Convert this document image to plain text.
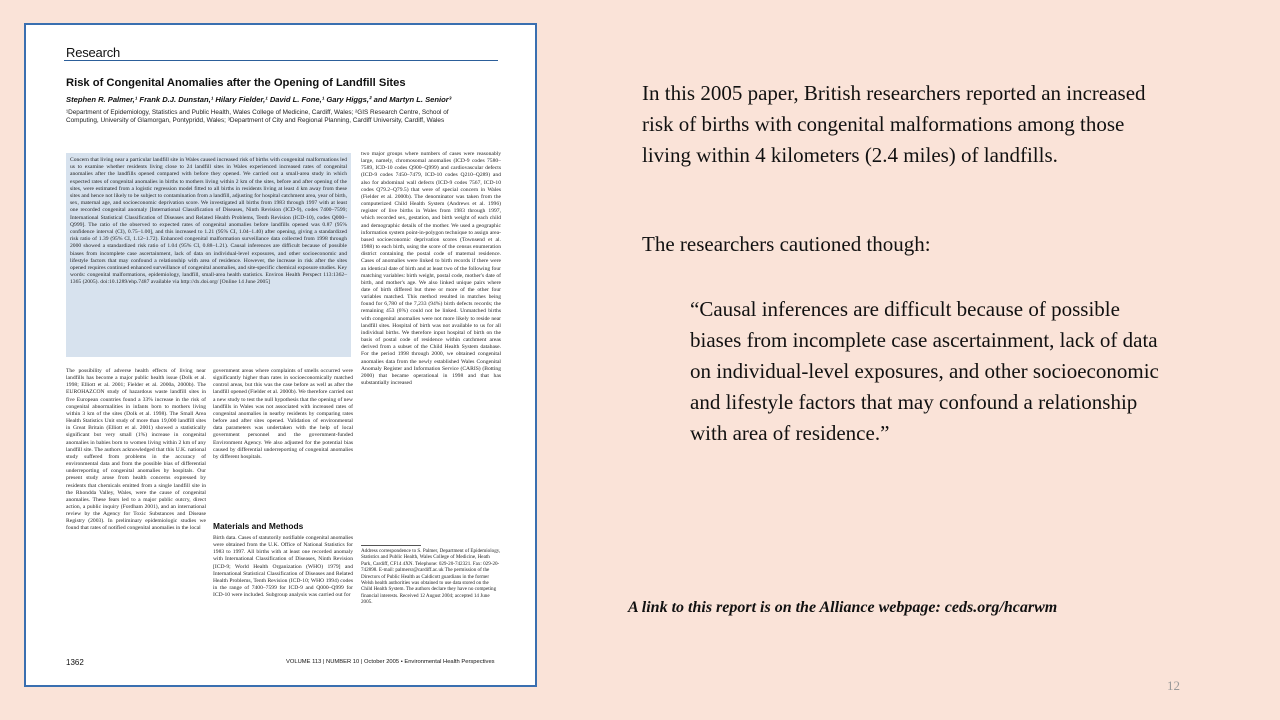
Research
Risk of Congenital Anomalies after the Opening of Landfill Sites
Stephen R. Palmer,¹ Frank D.J. Dunstan,¹ Hilary Fielder,¹ David L. Fone,¹ Gary Higgs,² and Martyn L. Senior³
¹Department of Epidemiology, Statistics and Public Health, Wales College of Medicine, Cardiff, Wales; ²GIS Research Centre, School of Computing, University of Glamorgan, Pontypridd, Wales; ³Department of City and Regional Planning, Cardiff University, Cardiff, Wales
Concern that living near a particular landfill site in Wales caused increased risk of births with congenital malformations led us to examine whether residents living close to 24 landfill sites in Wales experienced increased rates of congenital anomalies after the landfills opened compared with before they opened. We carried out a small-area study in which expected rates of congenital anomalies in births to mothers living within 2 km of the sites, before and after opening of the sites, were estimated from a logistic regression model fitted to all births in residents living at least 4 km away from these sites and hence not likely to be subject to contamination from a landfill, adjusting for hospital catchment area, year of birth, sex, maternal age, and socioeconomic deprivation score. We investigated all births from 1983 through 1997 with at least one recorded congenital anomaly [International Classification of Diseases, Ninth Revision (ICD-9), codes 7400–7599; International Statistical Classification of Diseases and Related Health Problems, Tenth Revision (ICD-10), codes Q000–Q999]. The ratio of the observed to expected rates of congenital anomalies before landfills opened was 0.87 (95% confidence interval (CI), 0.75–1.00], and this increased to 1.21 (95% CI, 1.04–1.40) after opening, giving a standardized risk ratio of 1.39 (95% CI, 1.12–1.72). Enhanced congenital malformation surveillance data collected from 1998 through 2000 showed a standardized risk ratio of 1.04 (95% CI, 0.88–1.21). Causal inferences are difficult because of possible biases from incomplete case ascertainment, lack of data on individual-level exposures, and other socioeconomic and lifestyle factors that may confound a relationship with area of residence. However, the increase in risk after the sites opened requires continued enhanced surveillance of congenital anomalies, and site-specific chemical exposure studies. Key words: congenital malformations, epidemiology, landfill, small-area health statistics. Environ Health Perspect 113:1362–1365 (2005). doi:10.1289/ehp.7487 available via http://dx.doi.org/ [Online 14 June 2005]
The possibility of adverse health effects of living near landfills has become a major public health issue (Dolk et al. 1998; Elliott et al. 2001; Fielder et al. 2000a, 2000b). The EUROHAZCON study of hazardous waste landfill sites in five European countries found a 33% increase in the risk of congenital abnormalities in infants born to mothers living within 3 km of the sites (Dolk et al. 1998). The Small Area Health Statistics Unit study of more than 19,000 landfill sites in Great Britain (Elliott et al. 2001) showed a statistically significant but very small (1%) increase in congenital anomalies in babies born to women living within 2 km of any landfill site. The authors acknowledged that this U.K. national study suffered from problems in the accuracy of environmental data and from the possible bias of differential underreporting of congenital anomalies by hospitals. Our present study arose from health concerns expressed by residents that chemicals emitted from a single landfill site in the Rhondda Valley, Wales, were the cause of congenital anomalies. These fears led to a major public outcry, direct action, a public inquiry (Fordham 2001), and an international review by the Agency for Toxic Substances and Disease Registry (2003). In preliminary epidemiologic studies we found that rates of notified congenital anomalies in the local
government areas where complaints of smells occurred were significantly higher than rates in socioeconomically matched control areas, but this was the case before as well as after the landfill opened (Fielder et al. 2000b). We therefore carried out a new study to test the null hypothesis that the opening of new landfills in Wales was not associated with increased rates of congenital anomalies in nearby residents by comparing rates before and after sites opened. Validation of environmental data parameters was undertaken with the help of local government personnel and the government-funded Environment Agency. We also adjusted for the potential bias caused by differential underreporting of congenital anomalies by different hospitals.
Materials and Methods
Birth data. Cases of statutorily notifiable congenital anomalies were obtained from the U.K. Office of National Statistics for 1983 to 1997. All births with at least one recorded anomaly with International Classification of Diseases, Ninth Revision [ICD-9; World Health Organization (WHO) 1979] and International Statistical Classification of Diseases and Related Health Problems, Tenth Revision (ICD-10; WHO 1994) codes in the range of 7400–7599 for ICD-9 and Q000–Q999 for ICD-10 were included. Subgroup analysis was carried out for
two major groups where numbers of cases were reasonably large, namely, chromosomal anomalies (ICD-9 codes 7580–7589, ICD-10 codes Q900–Q999) and cardiovascular defects (ICD-9 codes 7450–7479, ICD-10 codes Q210–Q289) and also for abdominal wall defects (ICD-9 codes 7567, ICD-10 codes Q79.2–Q79.5) that were of special concern in Wales (Fielder et al. 2000b). The denominator was taken from the computerized Child Health System (Andrews et al. 1996) register of live births in Wales from 1983 through 1997, which recorded sex, gestation, and birth weight of each child and demographic details of the mother. We used a geographic information system point-in-polygon technique to assign area-based socioeconomic deprivation scores (Townsend et al. 1988) to each birth, using the score of the census enumeration district containing the postal code of maternal residence. Cases of anomalies were linked to birth records if there were an identical date of birth and at least two of the following four matching variables: birth weight, postal code, mother's date of birth, and mother's age. We also linked unique pairs where date of birth differed but three or more of the other four variables matched. This method resulted in matches being found for 6,780 of the 7,233 (94%) birth defects records; the remaining 453 (6%) could not be linked. Unmatched births with congenital anomalies were not more likely to reside near landfill sites. Hospital of birth was not available to us for all individual births. We therefore input hospital of birth on the basis of postal code of residence within catchment areas derived from a subset of the Child Health System database. For the period 1998 through 2000, we obtained congenital anomalies data from the newly established Wales Congenital Anomaly Register and Information Service (CARIS) (Botting 2000) that became operational in 1998 and that has substantially increased
Address correspondence to S. Palmer, Department of Epidemiology, Statistics and Public Health, Wales College of Medicine, Heath Park, Cardiff, CF14 4XN. Telephone: 029-20-742321. Fax: 029-20-742898. E-mail: palmersr@cardiff.ac.uk The permission of the Directors of Public Health as Caldicott guardians in the former Welsh health authorities was obtained to use data stored on the Child Health System. The authors declare they have no competing financial interests. Received 12 August 2004; accepted 14 June 2005.
1362	VOLUME 113 | NUMBER 10 | October 2005 • Environmental Health Perspectives
In this 2005 paper, British researchers reported an increased risk of births with congenital malformations among those living within 4 kilometers (2.4 miles) of landfills.
The researchers cautioned though:
“Causal inferences are difficult because of possible biases from incomplete case ascertainment, lack of data on individual-level exposures, and other socioeconomic and lifestyle factors that may confound a relationship with area of residence.”
A link to this report is on the Alliance webpage: ceds.org/hcarwm
12
